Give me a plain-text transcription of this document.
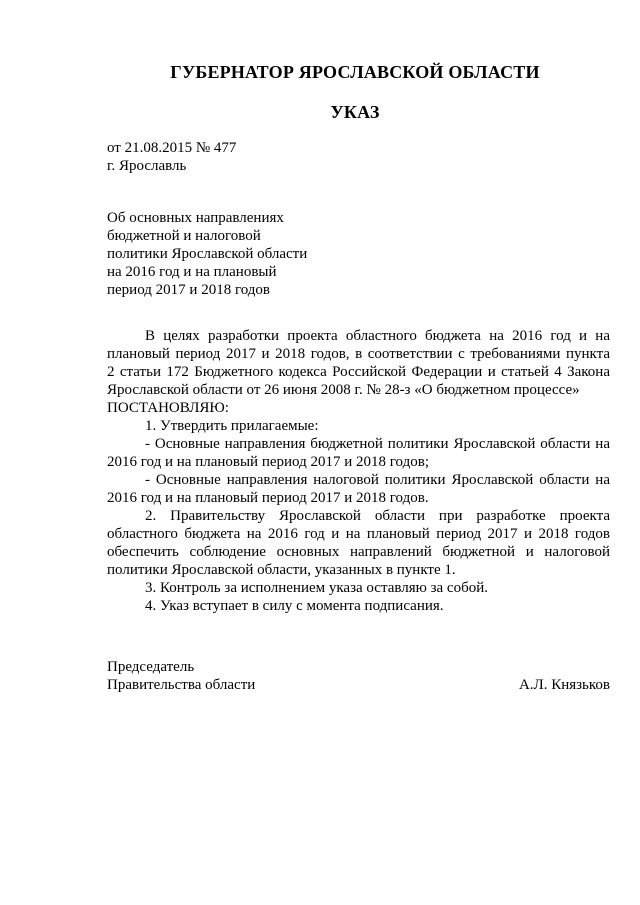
ГУБЕРНАТОР ЯРОСЛАВСКОЙ ОБЛАСТИ
УКАЗ
от 21.08.2015 № 477
г. Ярославль
Об основных направлениях
бюджетной и налоговой
политики Ярославской области
на 2016 год и на плановый
период 2017 и 2018 годов
В целях разработки проекта областного бюджета на 2016 год и на
плановый период 2017 и 2018 годов, в соответствии с требованиями пункта
2 статьи 172 Бюджетного кодекса Российской Федерации и статьей 4 Закона
Ярославской области от 26 июня 2008 г. № 28-з «О бюджетном процессе»
ПОСТАНОВЛЯЮ:
1. Утвердить прилагаемые:
- Основные направления бюджетной политики Ярославской области на
2016 год и на плановый период 2017 и 2018 годов;
- Основные направления налоговой политики Ярославской области на
2016 год и на плановый период 2017 и 2018 годов.
2. Правительству Ярославской области при разработке проекта
областного бюджета на 2016 год и на плановый период 2017 и 2018 годов
обеспечить соблюдение основных направлений бюджетной и налоговой
политики Ярославской области, указанных в пункте 1.
3. Контроль за исполнением указа оставляю за собой.
4. Указ вступает в силу с момента подписания.
Председатель
Правительства области	А.Л. Князьков
